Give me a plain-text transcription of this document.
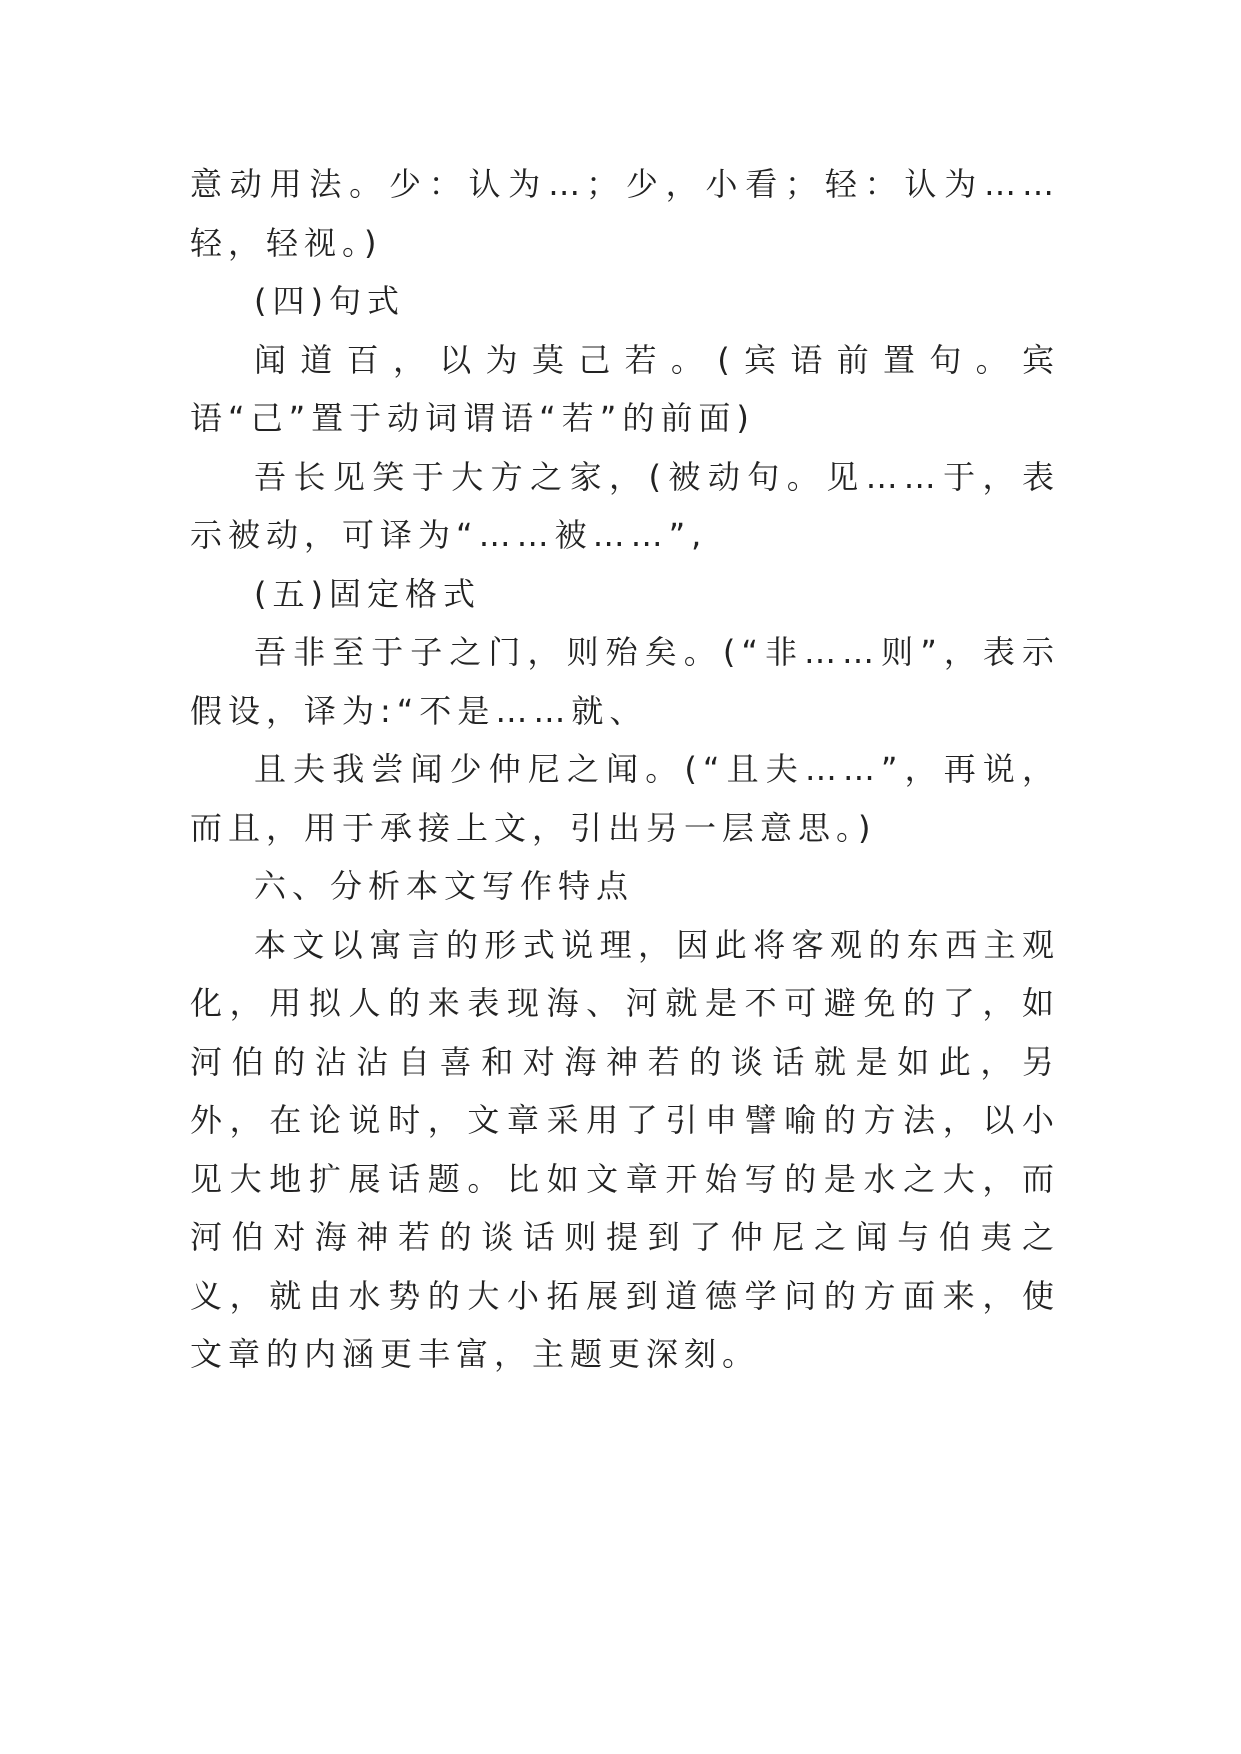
意动用法。少：认为…；少，小看；轻：认为……轻，轻视。)

(四)句式

闻道百，以为莫己若。(宾语前置句。宾语“己”置于动词谓语“若”的前面)

吾长见笑于大方之家，(被动句。见……于，表示被动，可译为“……被……”,

(五)固定格式

吾非至于子之门，则殆矣。(“非……则”，表示假设，译为:“不是……就、

且夫我尝闻少仲尼之闻。(“且夫……”，再说，而且，用于承接上文，引出另一层意思。)

六、分析本文写作特点

本文以寓言的形式说理，因此将客观的东西主观化，用拟人的来表现海、河就是不可避免的了，如河伯的沾沾自喜和对海神若的谈话就是如此，另外，在论说时，文章采用了引申譬喻的方法，以小见大地扩展话题。比如文章开始写的是水之大，而河伯对海神若的谈话则提到了仲尼之闻与伯夷之义，就由水势的大小拓展到道德学问的方面来，使文章的内涵更丰富，主题更深刻。
